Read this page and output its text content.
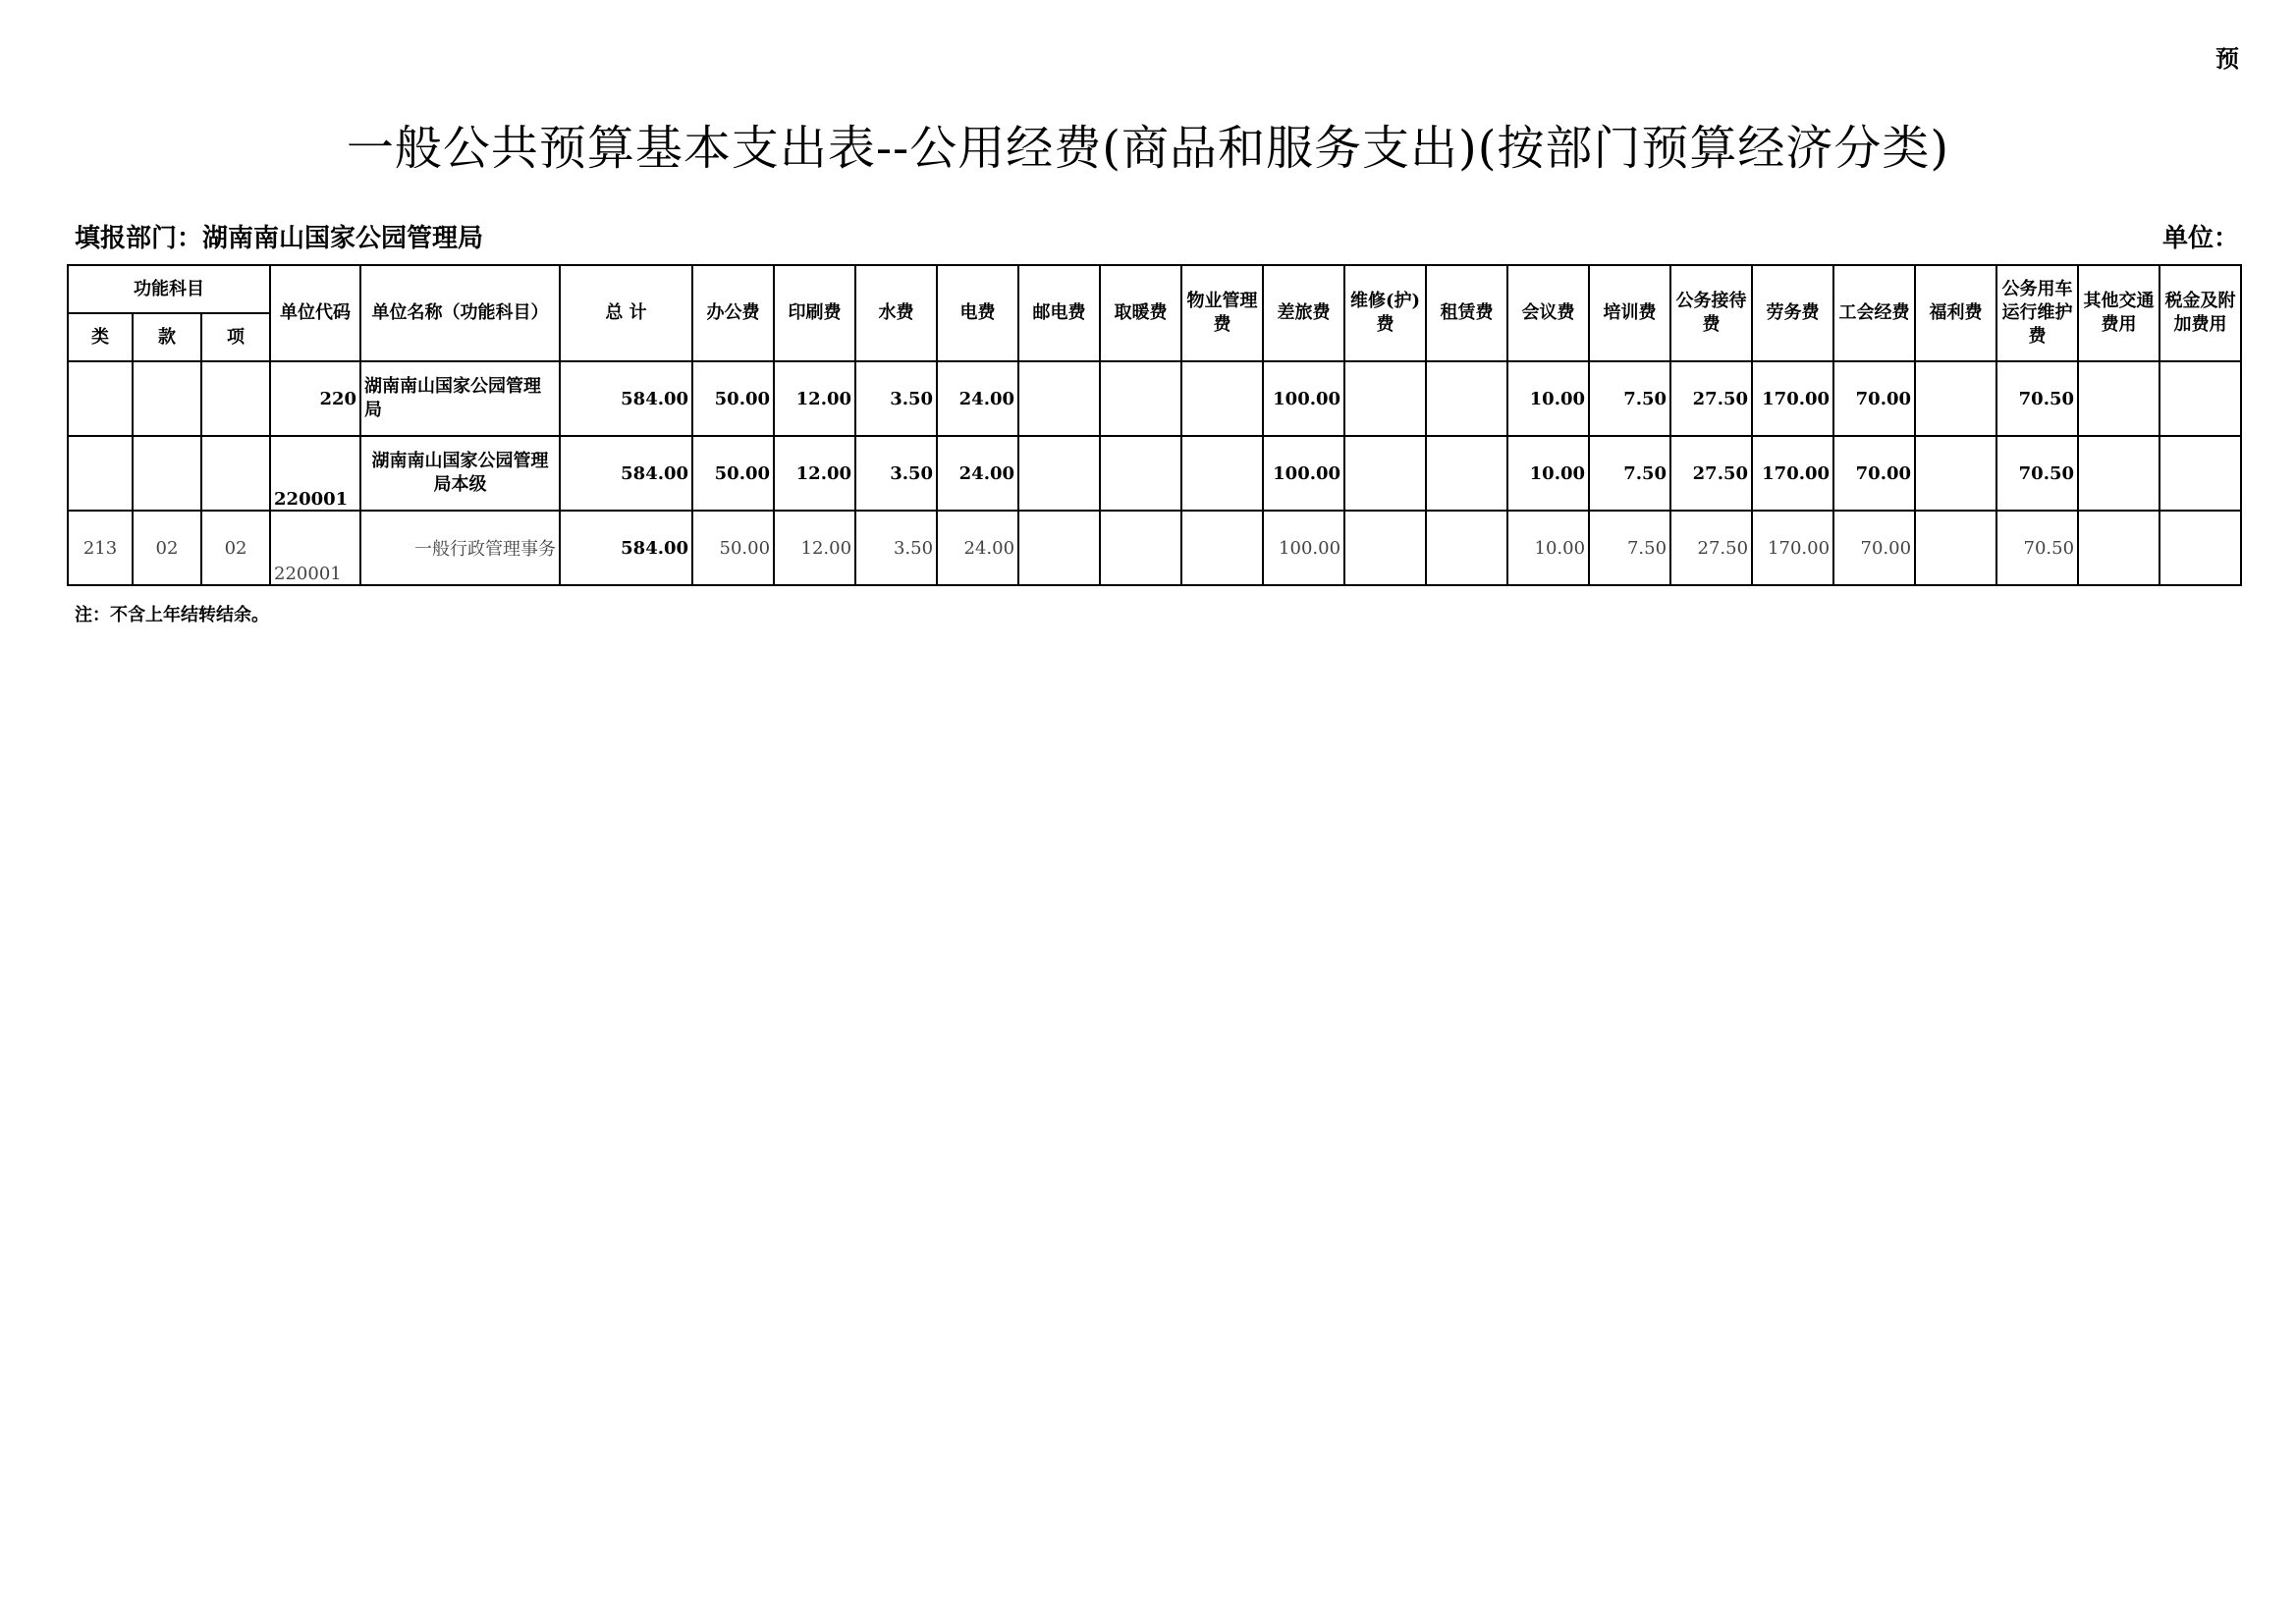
预
一般公共预算基本支出表--公用经费(商品和服务支出)(按部门预算经济分类)
填报部门：湖南南山国家公园管理局	单位：
功能科目			单位代码	单位名称（功能科目）	总 计	办公费	印刷费	水费	电费	邮电费	取暖费	物业管理费	差旅费	维修(护)费	租赁费	会议费	培训费	公务接待费	劳务费	工会经费	福利费	公务用车运行维护费	其他交通费用	税金及附加费用
类	款	项																						
			220	湖南南山国家公园管理局	584.00	50.00	12.00	3.50	24.00				100.00			10.00	7.50	27.50	170.00	70.00		70.50		
			220001	湖南南山国家公园管理局本级	584.00	50.00	12.00	3.50	24.00				100.00			10.00	7.50	27.50	170.00	70.00		70.50		
213	02	02	220001	一般行政管理事务	584.00	50.00	12.00	3.50	24.00				100.00			10.00	7.50	27.50	170.00	70.00		70.50		
注：不含上年结转结余。
